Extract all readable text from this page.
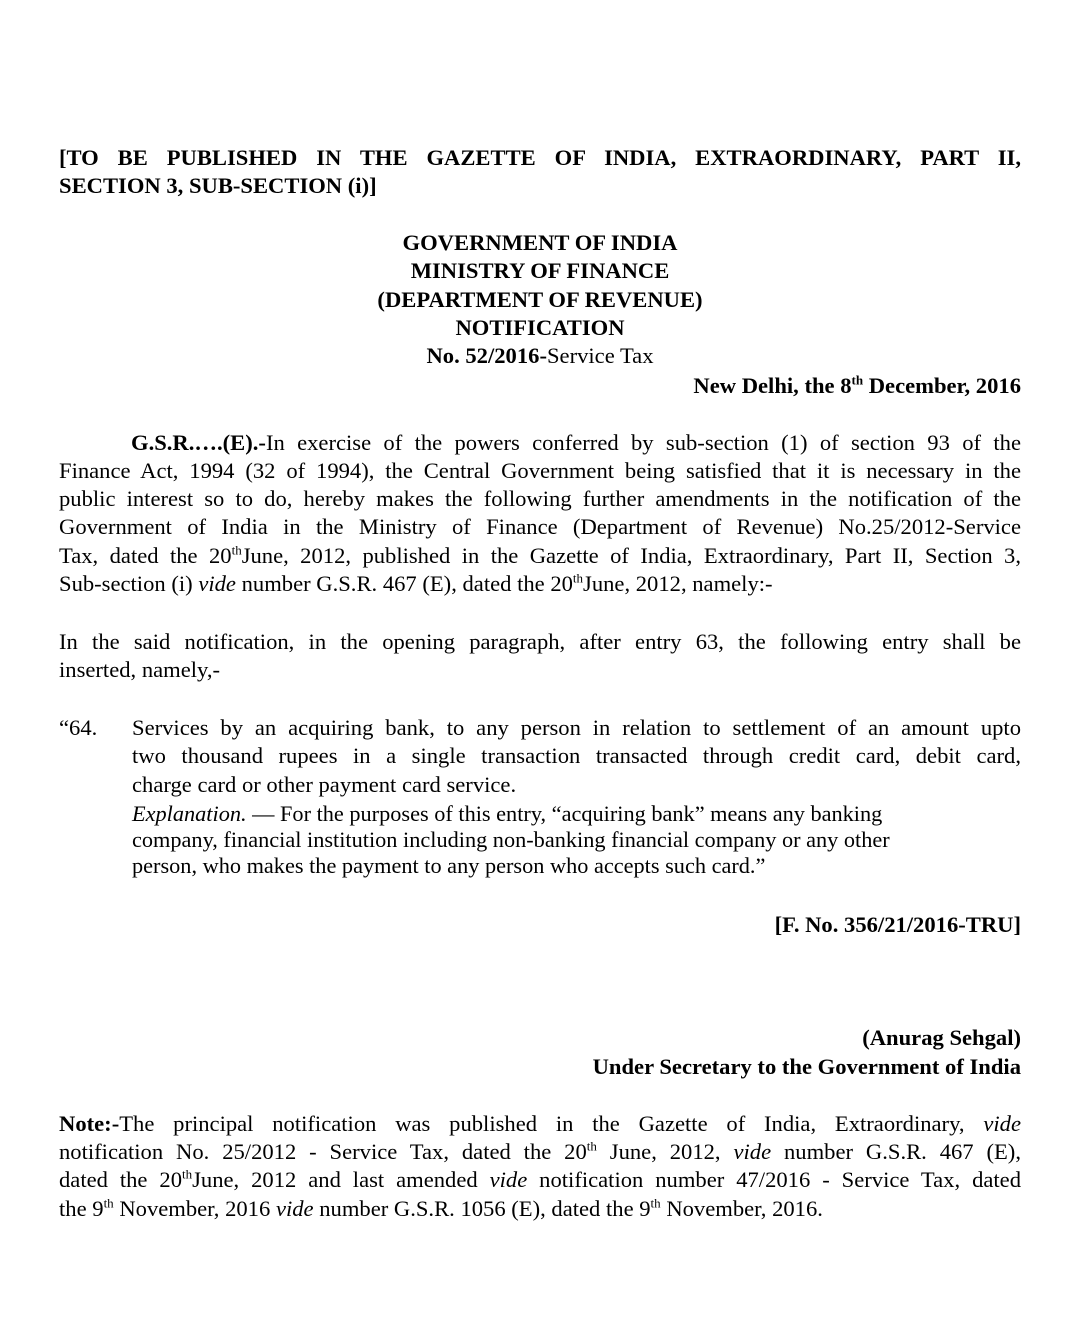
[TO BE PUBLISHED IN THE GAZETTE OF INDIA, EXTRAORDINARY, PART II,
SECTION 3, SUB-SECTION (i)]
GOVERNMENT OF INDIA
MINISTRY OF FINANCE
(DEPARTMENT OF REVENUE)
NOTIFICATION
No. 52/2016-Service Tax
New Delhi, the 8th December, 2016
G.S.R.….(E).-In exercise of the powers conferred by sub-section (1) of section 93 of the
Finance Act, 1994 (32 of 1994), the Central Government being satisfied that it is necessary in the
public interest so to do, hereby makes the following further amendments in the notification of the
Government of India in the Ministry of Finance (Department of Revenue) No.25/2012-Service
Tax, dated the 20thJune, 2012, published in the Gazette of India, Extraordinary, Part II, Section 3,
Sub-section (i) vide number G.S.R. 467 (E), dated the 20thJune, 2012, namely:-
In the said notification, in the opening paragraph, after entry 63, the following entry shall be
inserted, namely,-
“64. Services by an acquiring bank, to any person in relation to settlement of an amount upto
two thousand rupees in a single transaction transacted through credit card, debit card,
charge card or other payment card service.
Explanation. — For the purposes of this entry, “acquiring bank” means any banking
company, financial institution including non-banking financial company or any other
person, who makes the payment to any person who accepts such card.”
[F. No. 356/21/2016-TRU]
(Anurag Sehgal)
Under Secretary to the Government of India
Note:-The principal notification was published in the Gazette of India, Extraordinary, vide
notification No. 25/2012 - Service Tax, dated the 20th June, 2012, vide number G.S.R. 467 (E),
dated the 20thJune, 2012 and last amended vide notification number 47/2016 - Service Tax, dated
the 9th November, 2016 vide number G.S.R. 1056 (E), dated the 9th November, 2016.
